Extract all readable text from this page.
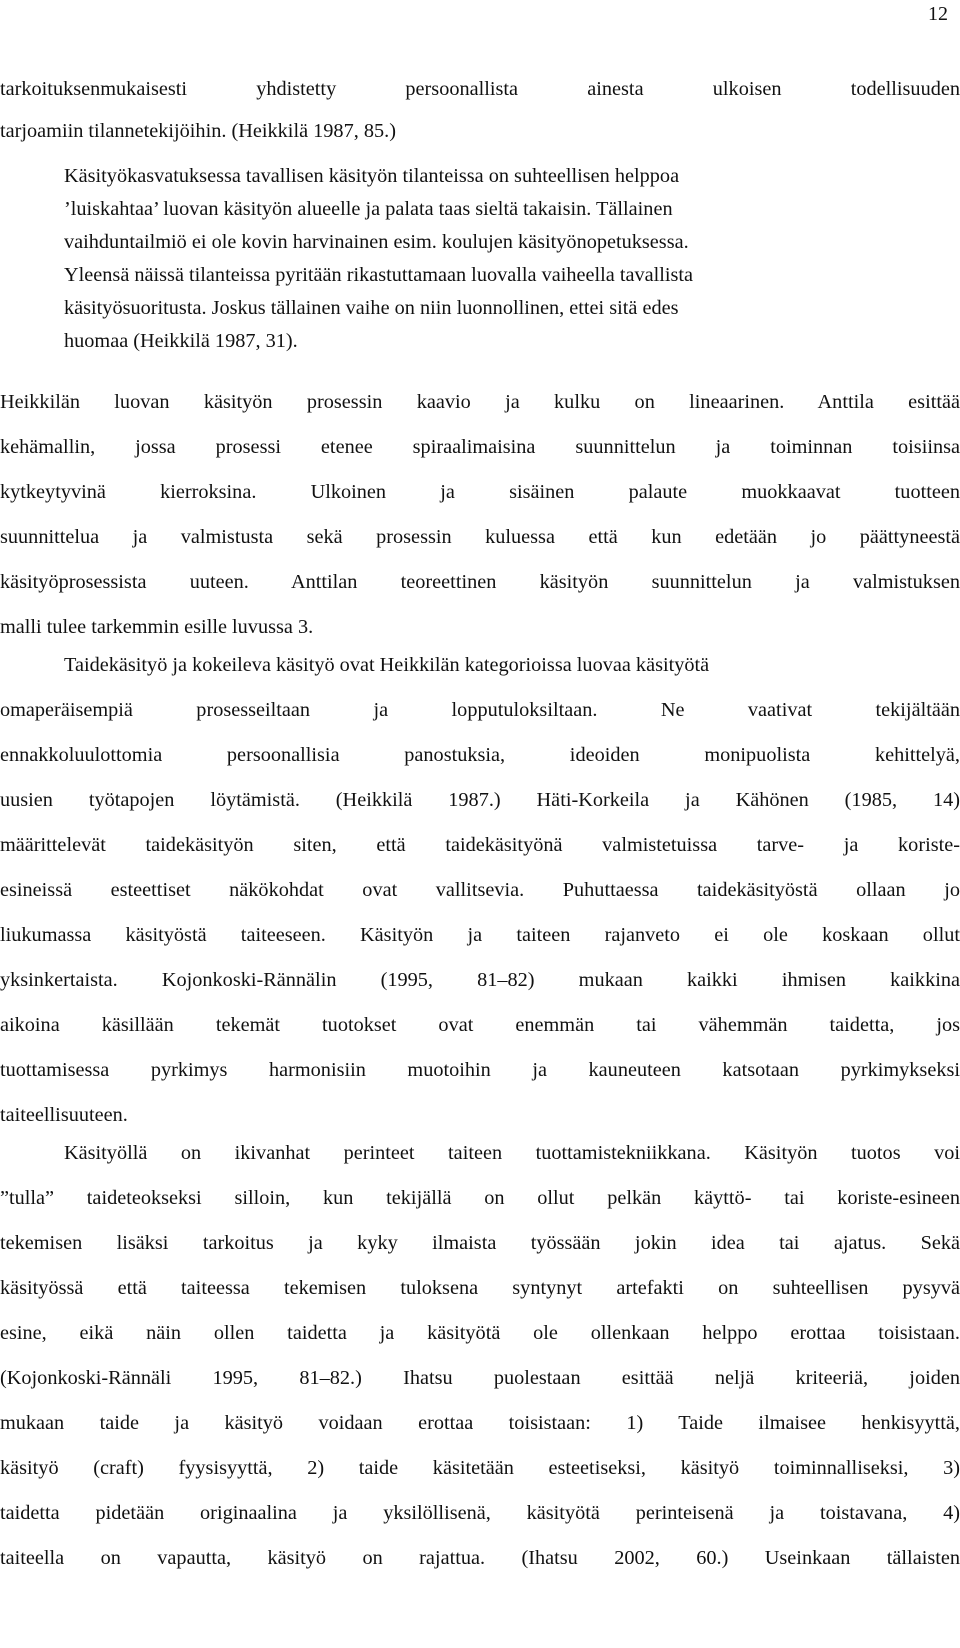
12
tarkoituksenmukaisesti yhdistetty persoonallista ainesta ulkoisen todellisuuden
tarjoamiin tilannetekijöihin. (Heikkilä 1987, 85.)
Käsityökasvatuksessa tavallisen käsityön tilanteissa on suhteellisen helppoa
’luiskahtaa’ luovan käsityön alueelle ja palata taas sieltä takaisin. Tällainen
vaihduntailmiö ei ole kovin harvinainen esim. koulujen käsityönopetuksessa.
Yleensä näissä tilanteissa pyritään rikastuttamaan luovalla vaiheella tavallista
käsityösuoritusta. Joskus tällainen vaihe on niin luonnollinen, ettei sitä edes
huomaa (Heikkilä 1987, 31).
Heikkilän luovan käsityön prosessin kaavio ja kulku on lineaarinen. Anttila esittää
kehämallin, jossa prosessi etenee spiraalimaisina suunnittelun ja toiminnan toisiinsa
kytkeytyvinä kierroksina. Ulkoinen ja sisäinen palaute muokkaavat tuotteen
suunnittelua ja valmistusta sekä prosessin kuluessa että kun edetään jo päättyneestä
käsityöprosessista uuteen. Anttilan teoreettinen käsityön suunnittelun ja valmistuksen
malli tulee tarkemmin esille luvussa 3.
Taidekäsityö ja kokeileva käsityö ovat Heikkilän kategorioissa luovaa käsityötä
omaperäisempiä prosesseiltaan ja lopputuloksiltaan. Ne vaativat tekijältään
ennakkoluulottomia persoonallisia panostuksia, ideoiden monipuolista kehittelyä,
uusien työtapojen löytämistä. (Heikkilä 1987.) Häti-Korkeila ja Kähönen (1985, 14)
määrittelevät taidekäsityön siten, että taidekäsityönä valmistetuissa tarve- ja koriste-
esineissä esteettiset näkökohdat ovat vallitsevia. Puhuttaessa taidekäsityöstä ollaan jo
liukumassa käsityöstä taiteeseen. Käsityön ja taiteen rajanveto ei ole koskaan ollut
yksinkertaista. Kojonkoski-Rännälin (1995, 81–82) mukaan kaikki ihmisen kaikkina
aikoina käsillään tekemät tuotokset ovat enemmän tai vähemmän taidetta, jos
tuottamisessa pyrkimys harmonisiin muotoihin ja kauneuteen katsotaan pyrkimykseksi
taiteellisuuteen.
Käsityöllä on ikivanhat perinteet taiteen tuottamistekniikkana. Käsityön tuotos voi
”tulla” taideteokseksi silloin, kun tekijällä on ollut pelkän käyttö- tai koriste-esineen
tekemisen lisäksi tarkoitus ja kyky ilmaista työssään jokin idea tai ajatus. Sekä
käsityössä että taiteessa tekemisen tuloksena syntynyt artefakti on suhteellisen pysyvä
esine, eikä näin ollen taidetta ja käsityötä ole ollenkaan helppo erottaa toisistaan.
(Kojonkoski-Rännäli 1995, 81–82.) Ihatsu puolestaan esittää neljä kriteeriä, joiden
mukaan taide ja käsityö voidaan erottaa toisistaan: 1) Taide ilmaisee henkisyyttä,
käsityö (craft) fyysisyyttä, 2) taide käsitetään esteetiseksi, käsityö toiminnalliseksi, 3)
taidetta pidetään originaalina ja yksilöllisenä, käsityötä perinteisenä ja toistavana, 4)
taiteella on vapautta, käsityö on rajattua. (Ihatsu 2002, 60.) Useinkaan tällaisten
